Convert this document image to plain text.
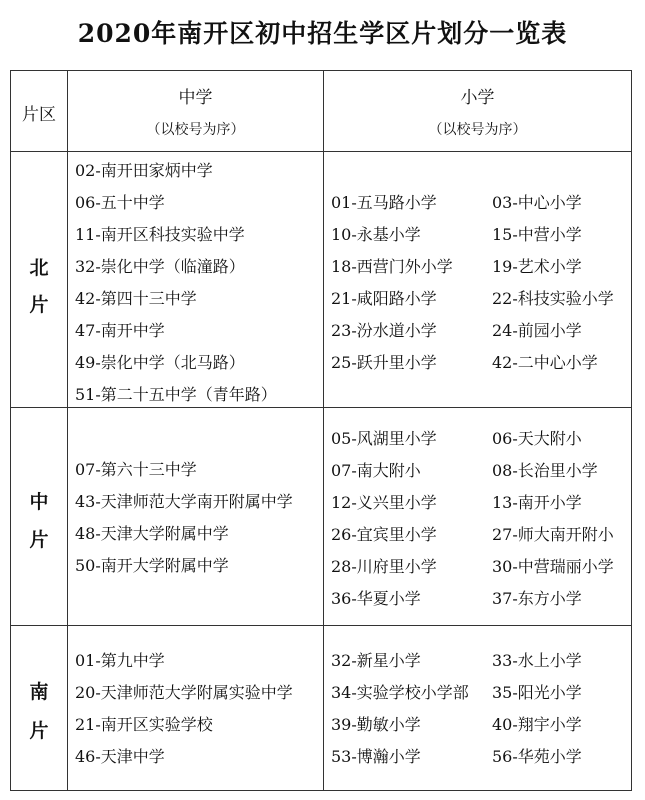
2020年南开区初中招生学区片划分一览表
片区
中学
（以校号为序）
小学
（以校号为序）
北
片
02-南开田家炳中学
06-五十中学
11-南开区科技实验中学
32-崇化中学（临潼路）
42-第四十三中学
47-南开中学
49-崇化中学（北马路）
51-第二十五中学（青年路）
01-五马路小学
10-永基小学
18-西营门外小学
21-咸阳路小学
23-汾水道小学
25-跃升里小学
03-中心小学
15-中营小学
19-艺术小学
22-科技实验小学
24-前园小学
42-二中心小学
中
片
07-第六十三中学
43-天津师范大学南开附属中学
48-天津大学附属中学
50-南开大学附属中学
05-风湖里小学
07-南大附小
12-义兴里小学
26-宜宾里小学
28-川府里小学
36-华夏小学
06-天大附小
08-长治里小学
13-南开小学
27-师大南开附小
30-中营瑞丽小学
37-东方小学
南
片
01-第九中学
20-天津师范大学附属实验中学
21-南开区实验学校
46-天津中学
32-新星小学
34-实验学校小学部
39-勤敏小学
53-博瀚小学
33-水上小学
35-阳光小学
40-翔宇小学
56-华苑小学
